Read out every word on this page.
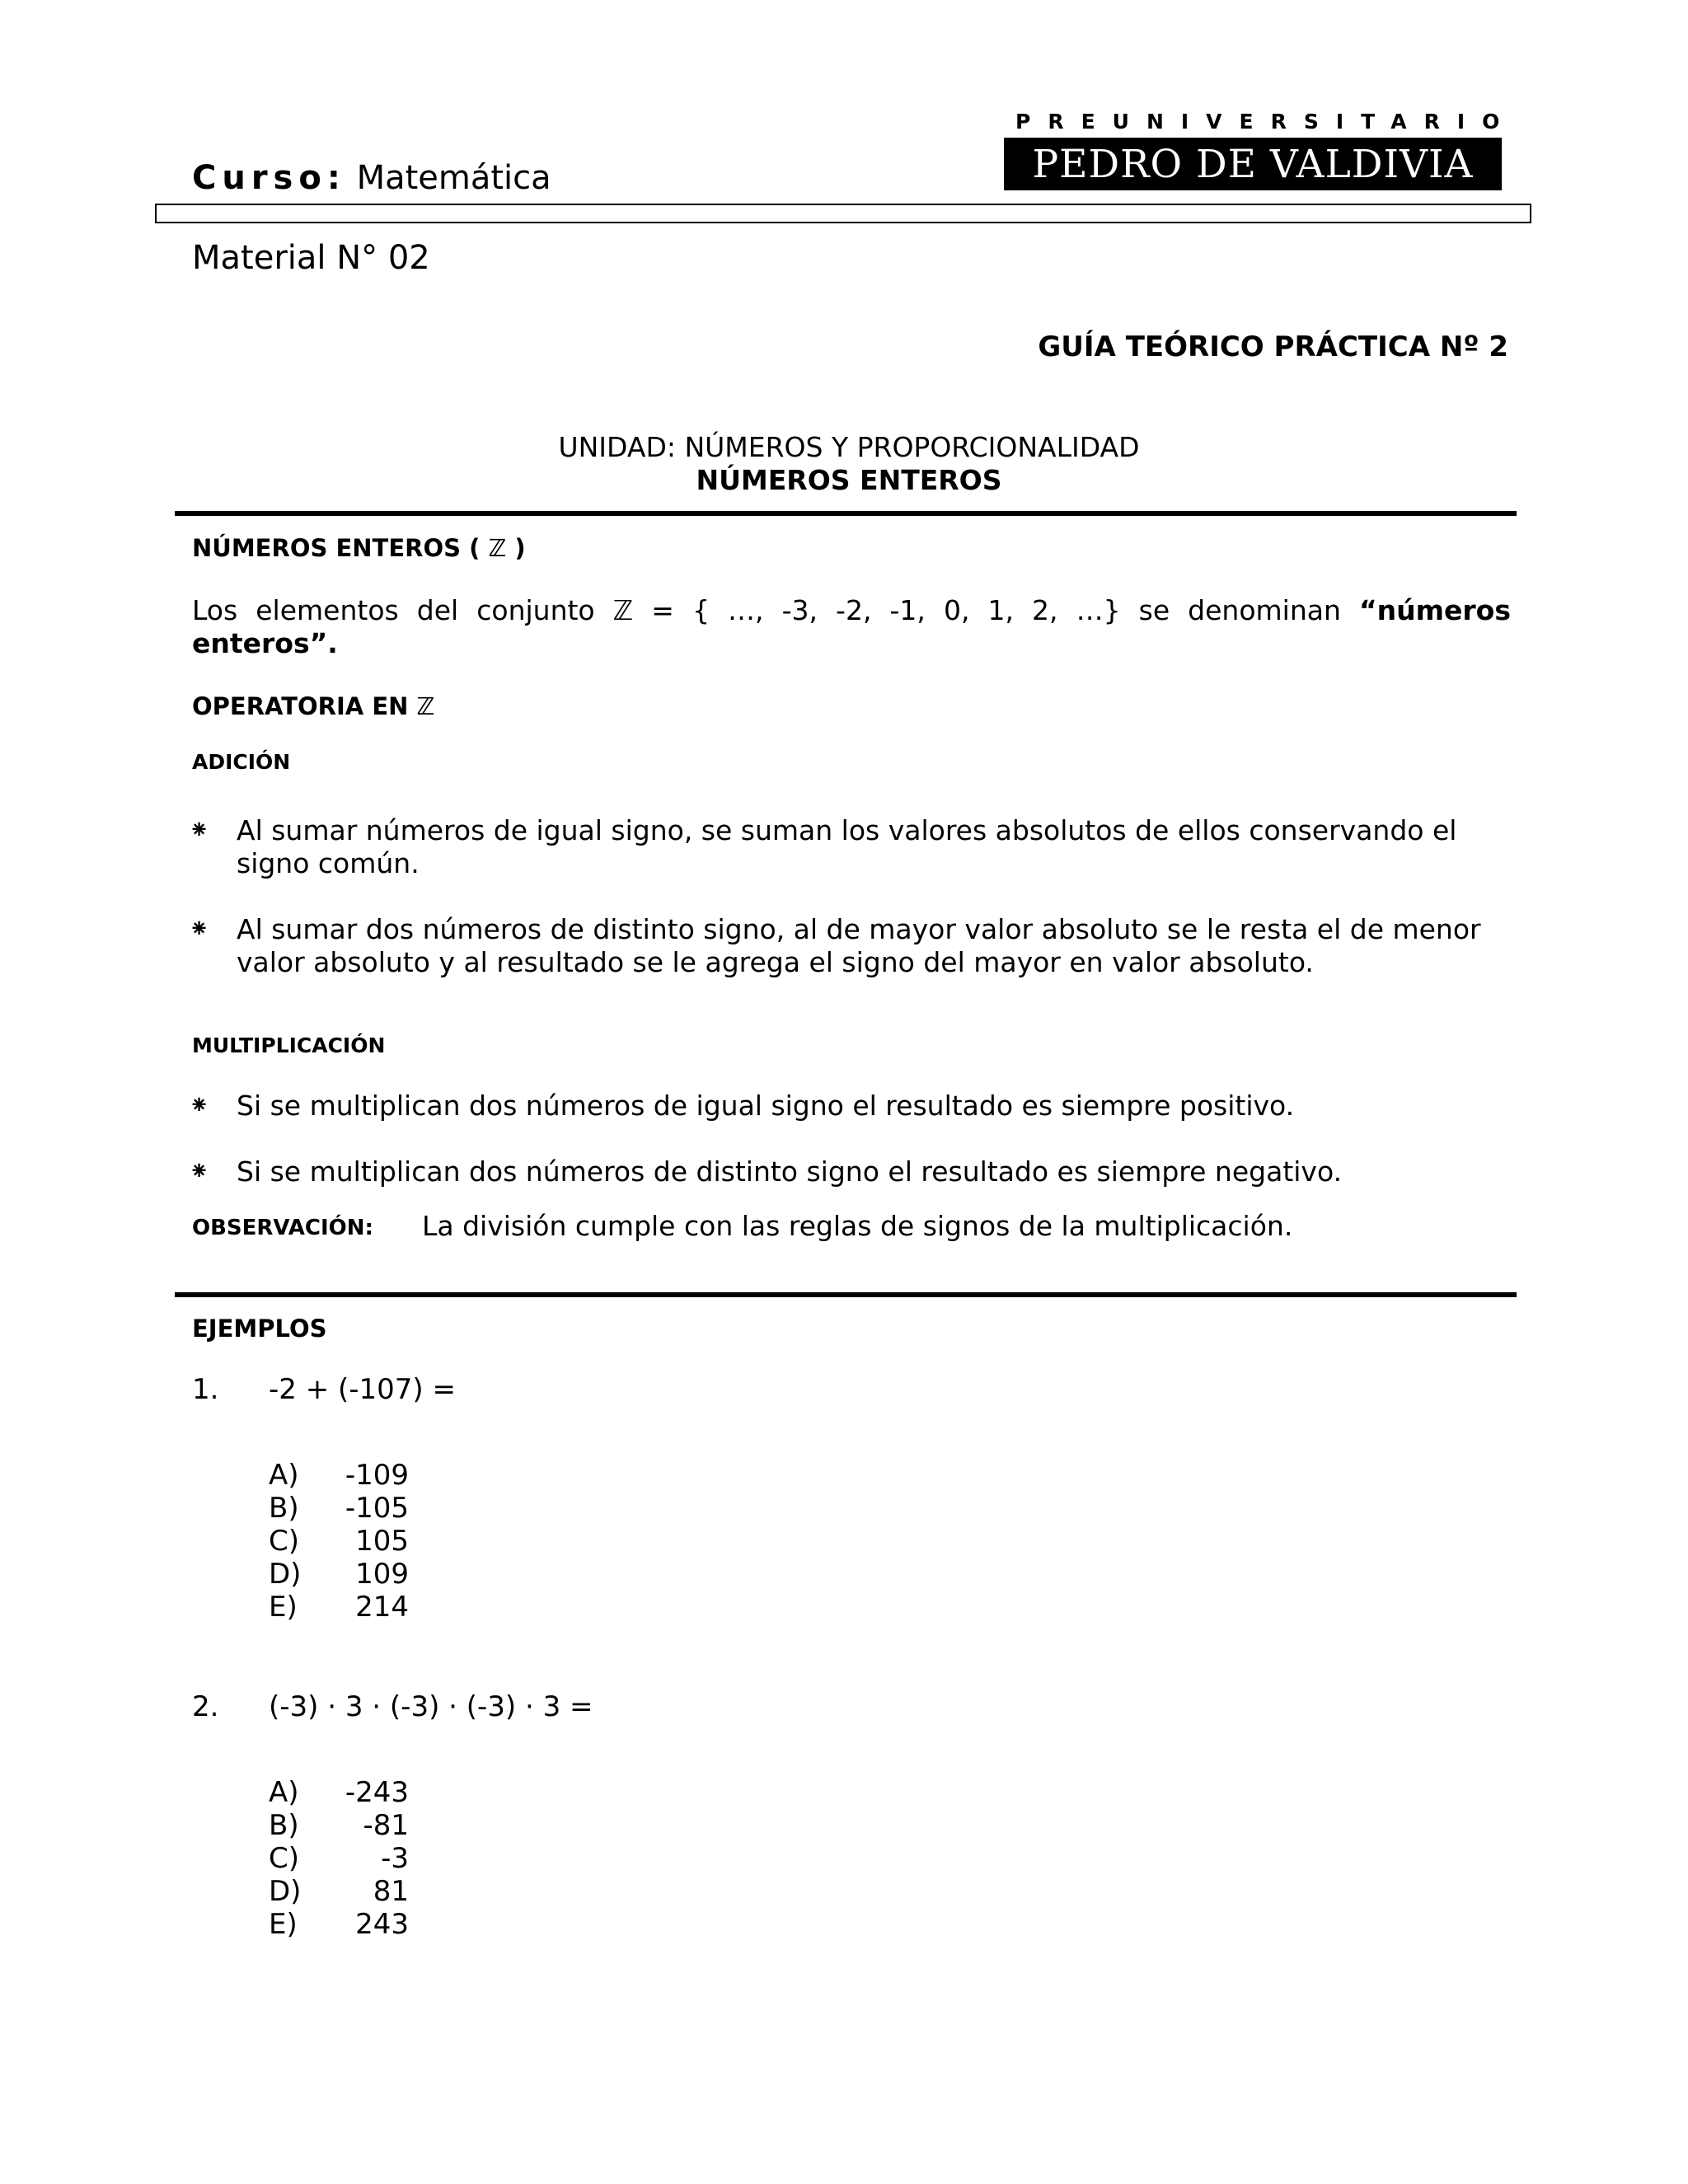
PREUNIVERSITARIO
PEDRO DE VALDIVIA
Curso: Matemática
Material N° 02
GUÍA TEÓRICO PRÁCTICA Nº 2
UNIDAD: NÚMEROS Y PROPORCIONALIDAD
NÚMEROS ENTEROS
NÚMEROS ENTEROS ( ℤ )
Los elementos del conjunto ℤ = { …, -3, -2, -1, 0, 1, 2, …} se denominan “números enteros”.
OPERATORIA EN ℤ
ADICIÓN
⁕ Al sumar números de igual signo, se suman los valores absolutos de ellos conservando el signo común.
⁕ Al sumar dos números de distinto signo, al de mayor valor absoluto se le resta el de menor valor absoluto y al resultado se le agrega el signo del mayor en valor absoluto.
MULTIPLICACIÓN
⁕ Si se multiplican dos números de igual signo el resultado es siempre positivo.
⁕ Si se multiplican dos números de distinto signo el resultado es siempre negativo.
OBSERVACIÓN: La división cumple con las reglas de signos de la multiplicación.
EJEMPLOS
1. -2 + (-107) =
A) -109
B) -105
C) 105
D) 109
E) 214
2. (-3) · 3 · (-3) · (-3) · 3 =
A) -243
B) -81
C)	-3
D)	81
E) 243
